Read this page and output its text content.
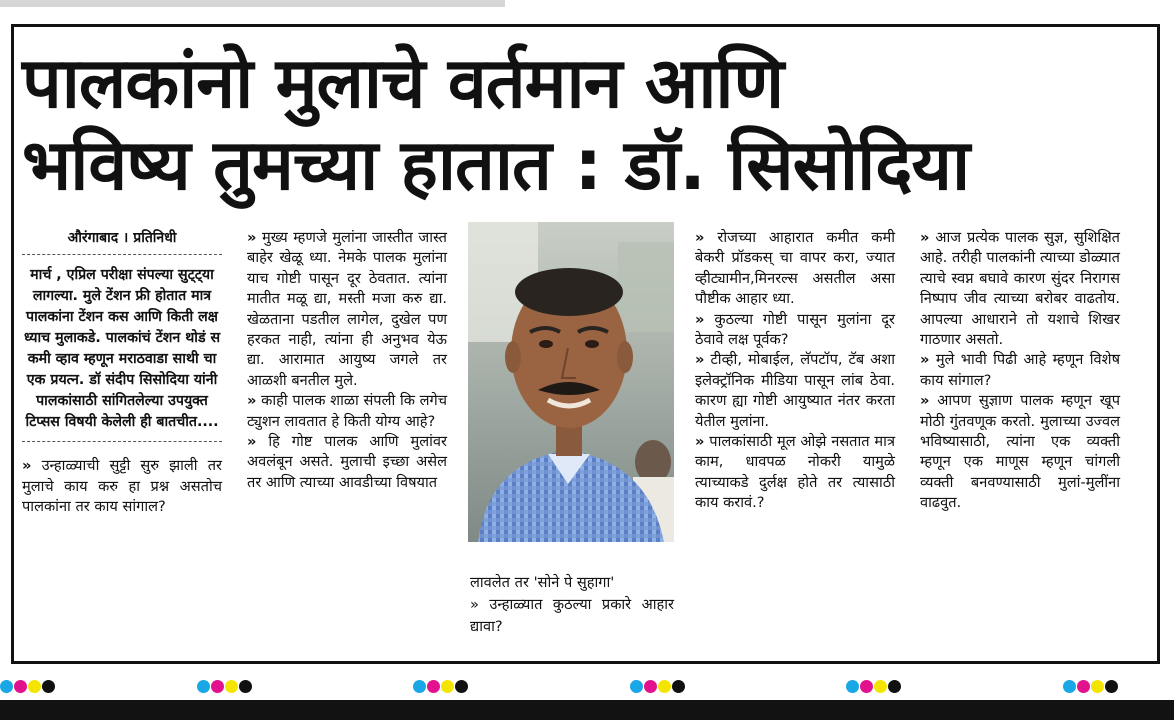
पालकांनो मुलाचे वर्तमान आणि
भविष्य तुमच्या हातात : डॉ. सिसोदिया
औरंगाबाद । प्रतिनिधी
मार्च , एप्रिल परीक्षा संपल्या सुट्ट्या लागल्या. मुले टेंशन फ्री होतात मात्र पालकांना टेंशन कस आणि किती लक्ष ध्याच मुलाकडे. पालकांचं टेंशन थोडं स कमी व्हाव म्हणून मराठवाडा साथी चा एक प्रयत्न. डॉ संदीप सिसोदिया यांनी पालकांसाठी सांगितलेल्या उपयुक्त टिप्सस विषयी केलेली ही बातचीत....

» उन्हाळ्याची सुट्टी सुरु झाली तर मुलाचे काय करु हा प्रश्न असतोच पालकांना तर काय सांगाल?

» मुख्य म्हणजे मुलांना जास्तीत जास्त बाहेर खेळू ध्या. नेमके पालक मुलांना याच गोष्टी पासून दूर ठेवतात. त्यांना मातीत मळू द्या, मस्ती मजा करु द्या. खेळताना पडतील लागेल, दुखेल पण हरकत नाही, त्यांना ही अनुभव येऊ द्या. आरामात आयुष्य जगले तर आळशी बनतील मुले.

» काही पालक शाळा संपली कि लगेच ट्युशन लावतात हे किती योग्य आहे?

» हि गोष्ट पालक आणि मुलांवर अवलंबून असते. मुलाची इच्छा असेल तर आणि त्याच्या आवडीच्या विषयात

लावलेत तर 'सोने पे सुहागा'

» उन्हाळ्यात कुठल्या प्रकारे आहार द्यावा?

» रोजच्या आहारात कमीत कमी बेकरी प्रॉडकस् चा वापर करा, ज्यात व्हीट्यामीन,मिनरल्स असतील असा पौष्टीक आहार ध्या.

» कुठल्या गोष्टी पासून मुलांना दूर ठेवावे लक्ष पूर्वक?

» टीव्ही, मोबाईल, लॅपटॉप, टॅब अशा इलेक्ट्रॉनिक मीडिया पासून लांब ठेवा. कारण ह्या गोष्टी आयुष्यात नंतर करता येतील मुलांना.

» पालकांसाठी मूल ओझे नसतात मात्र काम, धावपळ नोकरी यामुळे त्याच्याकडे दुर्लक्ष होते तर त्यासाठी काय करावं.?

» आज प्रत्येक पालक सुज्ञ, सुशिक्षित आहे. तरीही पालकांनी त्याच्या डोळ्यात त्याचे स्वप्न बघावे कारण सुंदर निरागस निष्पाप जीव त्याच्या बरोबर वाढतोय. आपल्या आधाराने तो यशाचे शिखर गाठणार असतो.

» मुले भावी पिढी आहे म्हणून विशेष काय सांगाल?

» आपण सुज्ञाण पालक म्हणून खूप मोठी गुंतवणूक करतो. मुलाच्या उज्वल भविष्यासाठी, त्यांना एक व्यक्ती म्हणून एक माणूस म्हणून चांगली व्यक्ती बनवण्यासाठी मुलां-मुलींना वाढवुत.
